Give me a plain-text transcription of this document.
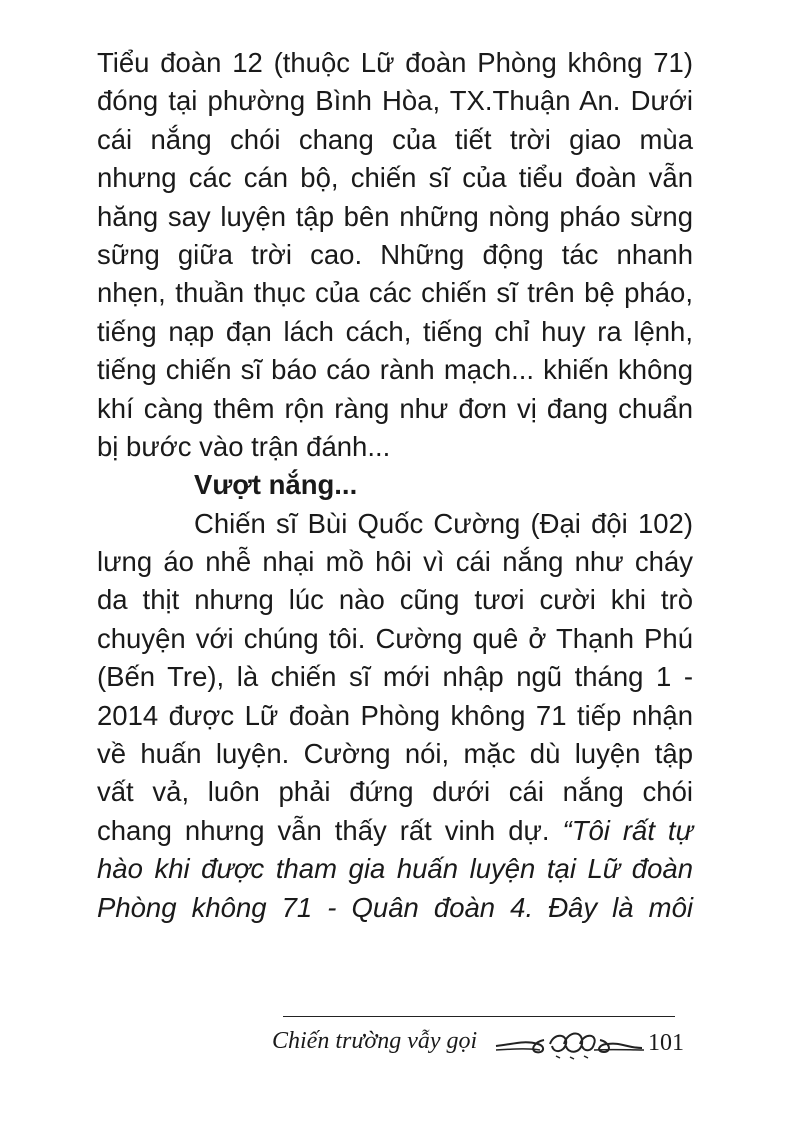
Tiểu đoàn 12 (thuộc Lữ đoàn Phòng không 71)
đóng tại phường Bình Hòa, TX.Thuận An. Dưới
cái nắng chói chang của tiết trời giao mùa
nhưng các cán bộ, chiến sĩ của tiểu đoàn vẫn
hăng say luyện tập bên những nòng pháo sừng
sững giữa trời cao. Những động tác nhanh
nhẹn, thuần thục của các chiến sĩ trên bệ pháo,
tiếng nạp đạn lách cách, tiếng chỉ huy ra lệnh,
tiếng chiến sĩ báo cáo rành mạch... khiến không
khí càng thêm rộn ràng như đơn vị đang chuẩn
bị bước vào trận đánh...
Vượt nắng...
Chiến sĩ Bùi Quốc Cường (Đại đội 102)
lưng áo nhễ nhại mồ hôi vì cái nắng như cháy
da thịt nhưng lúc nào cũng tươi cười khi trò
chuyện với chúng tôi. Cường quê ở Thạnh Phú
(Bến Tre), là chiến sĩ mới nhập ngũ tháng 1 -
2014 được Lữ đoàn Phòng không 71 tiếp nhận
về huấn luyện. Cường nói, mặc dù luyện tập
vất vả, luôn phải đứng dưới cái nắng chói
chang nhưng vẫn thấy rất vinh dự. “Tôi rất tự
hào khi được tham gia huấn luyện tại Lữ đoàn
Phòng không 71 - Quân đoàn 4. Đây là môi
Chiến trường vẫy gọi	101
